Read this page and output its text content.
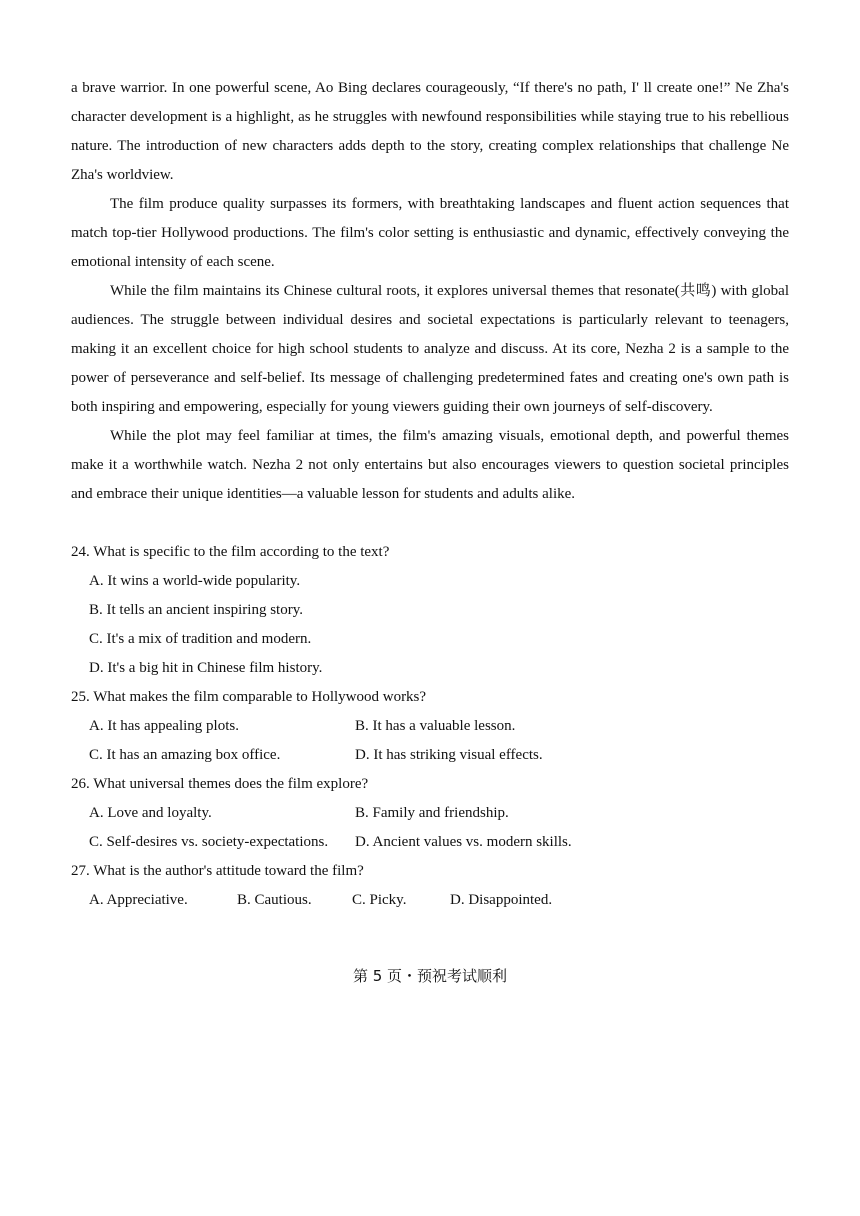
a brave warrior. In one powerful scene, Ao Bing declares courageously, “If there's no path, I' ll create one!” Ne Zha's character development is a highlight, as he struggles with newfound responsibilities while staying true to his rebellious nature. The introduction of new characters adds depth to the story, creating complex relationships that challenge Ne Zha's worldview.

The film produce quality surpasses its formers, with breathtaking landscapes and fluent action sequences that match top-tier Hollywood productions. The film's color setting is enthusiastic and dynamic, effectively conveying the emotional intensity of each scene.

While the film maintains its Chinese cultural roots, it explores universal themes that resonate(共鸣) with global audiences. The struggle between individual desires and societal expectations is particularly relevant to teenagers, making it an excellent choice for high school students to analyze and discuss. At its core, Nezha 2 is a sample to the power of perseverance and self-belief. Its message of challenging predetermined fates and creating one's own path is both inspiring and empowering, especially for young viewers guiding their own journeys of self-discovery.

While the plot may feel familiar at times, the film's amazing visuals, emotional depth, and powerful themes make it a worthwhile watch. Nezha 2 not only entertains but also encourages viewers to question societal principles and embrace their unique identities—a valuable lesson for students and adults alike.

24. What is specific to the film according to the text?

A. It wins a world-wide popularity.
B. It tells an ancient inspiring story.
C. It's a mix of tradition and modern.
D. It's a big hit in Chinese film history.

25. What makes the film comparable to Hollywood works?

A. It has appealing plots.	B. It has a valuable lesson.
C. It has an amazing box office.	D. It has striking visual effects.

26. What universal themes does the film explore?

A. Love and loyalty.	B. Family and friendship.
C. Self-desires vs. society-expectations.	D. Ancient values vs. modern skills.

27. What is the author's attitude toward the film?

A. Appreciative.	B. Cautious.	C. Picky.	D. Disappointed.
第 5 页・预祝考试顺利
